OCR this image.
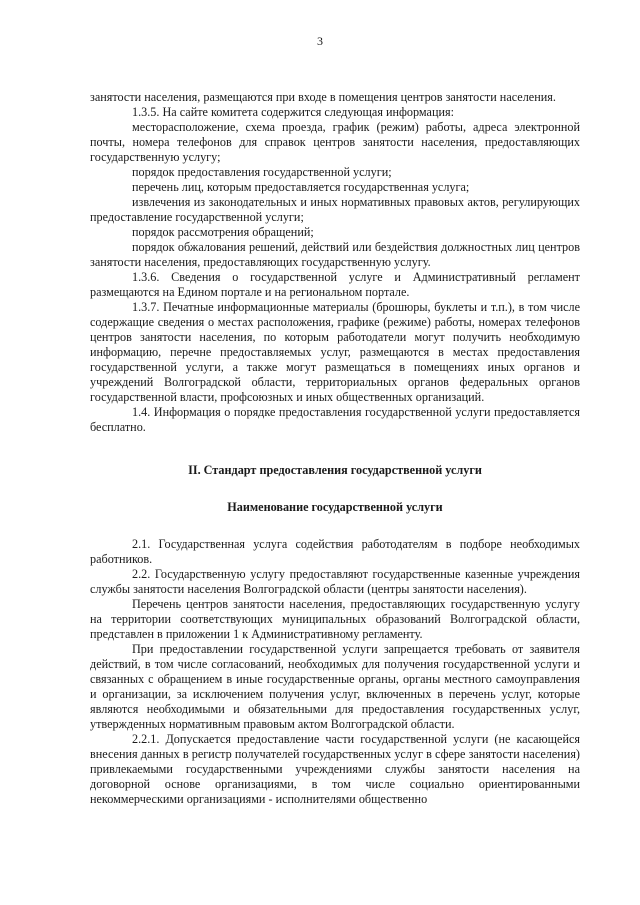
3

занятости населения, размещаются при входе в помещения центров занятости населения.

1.3.5. На сайте комитета содержится следующая информация:

месторасположение, схема проезда, график (режим) работы, адреса электронной почты, номера телефонов для справок центров занятости населения, предоставляющих государственную услугу;

порядок предоставления государственной услуги;

перечень лиц, которым предоставляется государственная услуга;

извлечения из законодательных и иных нормативных правовых актов, регулирующих предоставление государственной услуги;

порядок рассмотрения обращений;

порядок обжалования решений, действий или бездействия должностных лиц центров занятости населения, предоставляющих государственную услугу.

1.3.6. Сведения о государственной услуге и Административный регламент размещаются на Едином портале и на региональном портале.

1.3.7. Печатные информационные материалы (брошюры, буклеты и т.п.), в том числе содержащие сведения о местах расположения, графике (режиме) работы, номерах телефонов центров занятости населения, по которым работодатели могут получить необходимую информацию, перечне предоставляемых услуг, размещаются в местах предоставления государственной услуги, а также могут размещаться в помещениях иных органов и учреждений Волгоградской области, территориальных органов федеральных органов государственной власти, профсоюзных и иных общественных организаций.

1.4. Информация о порядке предоставления государственной услуги предоставляется бесплатно.

II. Стандарт предоставления государственной услуги

Наименование государственной услуги

2.1. Государственная услуга содействия работодателям в подборе необходимых работников.

2.2. Государственную услугу предоставляют государственные казенные учреждения службы занятости населения Волгоградской области (центры занятости населения).

Перечень центров занятости населения, предоставляющих государственную услугу на территории соответствующих муниципальных образований Волгоградской области, представлен в приложении 1 к Административному регламенту.

При предоставлении государственной услуги запрещается требовать от заявителя действий, в том числе согласований, необходимых для получения государственной услуги и связанных с обращением в иные государственные органы, органы местного самоуправления и организации, за исключением получения услуг, включенных в перечень услуг, которые являются необходимыми и обязательными для предоставления государственных услуг, утвержденных нормативным правовым актом Волгоградской области.

2.2.1. Допускается предоставление части государственной услуги (не касающейся внесения данных в регистр получателей государственных услуг в сфере занятости населения) привлекаемыми государственными учреждениями службы занятости населения на договорной основе организациями, в том числе социально ориентированными некоммерческими организациями - исполнителями общественно
